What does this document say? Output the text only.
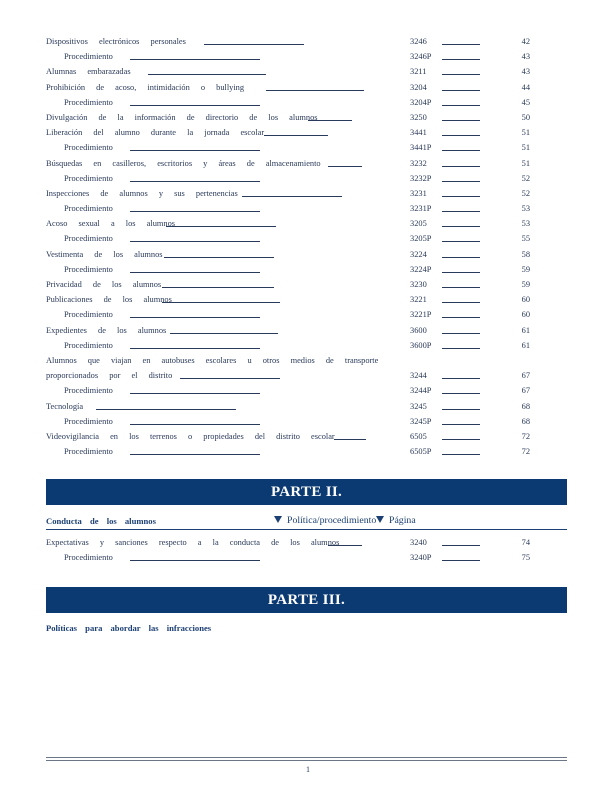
Dispositivos electrónicos personales	3246	42
Procedimiento	3246P	43
Alumnas embarazadas	3211	43
Prohibición de acoso, intimidación o bullying	3204	44
Procedimiento	3204P	45
Divulgación de la información de directorio de los alumnos	3250	50
Liberación del alumno durante la jornada escolar	3441	51
Procedimiento	3441P	51
Búsquedas en casilleros, escritorios y áreas de almacenamiento	3232	51
Procedimiento	3232P	52
Inspecciones de alumnos y sus pertenencias	3231	52
Procedimiento	3231P	53
Acoso sexual a los alumnos	3205	53
Procedimiento	3205P	55
Vestimenta de los alumnos	3224	58
Procedimiento	3224P	59
Privacidad de los alumnos	3230	59
Publicaciones de los alumnos	3221	60
Procedimiento	3221P	60
Expedientes de los alumnos	3600	61
Procedimiento	3600P	61
Alumnos que viajan en autobuses escolares u otros medios de transporte
proporcionados por el distrito	3244	67
Procedimiento	3244P	67
Tecnología	3245	68
Procedimiento	3245P	68
Videovigilancia en los terrenos o propiedades del distrito escolar	6505	72
Procedimiento	6505P	72
PARTE II.
Conducta de los alumnos	Política/procedimiento	Página
Expectativas y sanciones respecto a la conducta de los alumnos	3240	74
Procedimiento	3240P	75
PARTE III.
Políticas para abordar las infracciones
1
